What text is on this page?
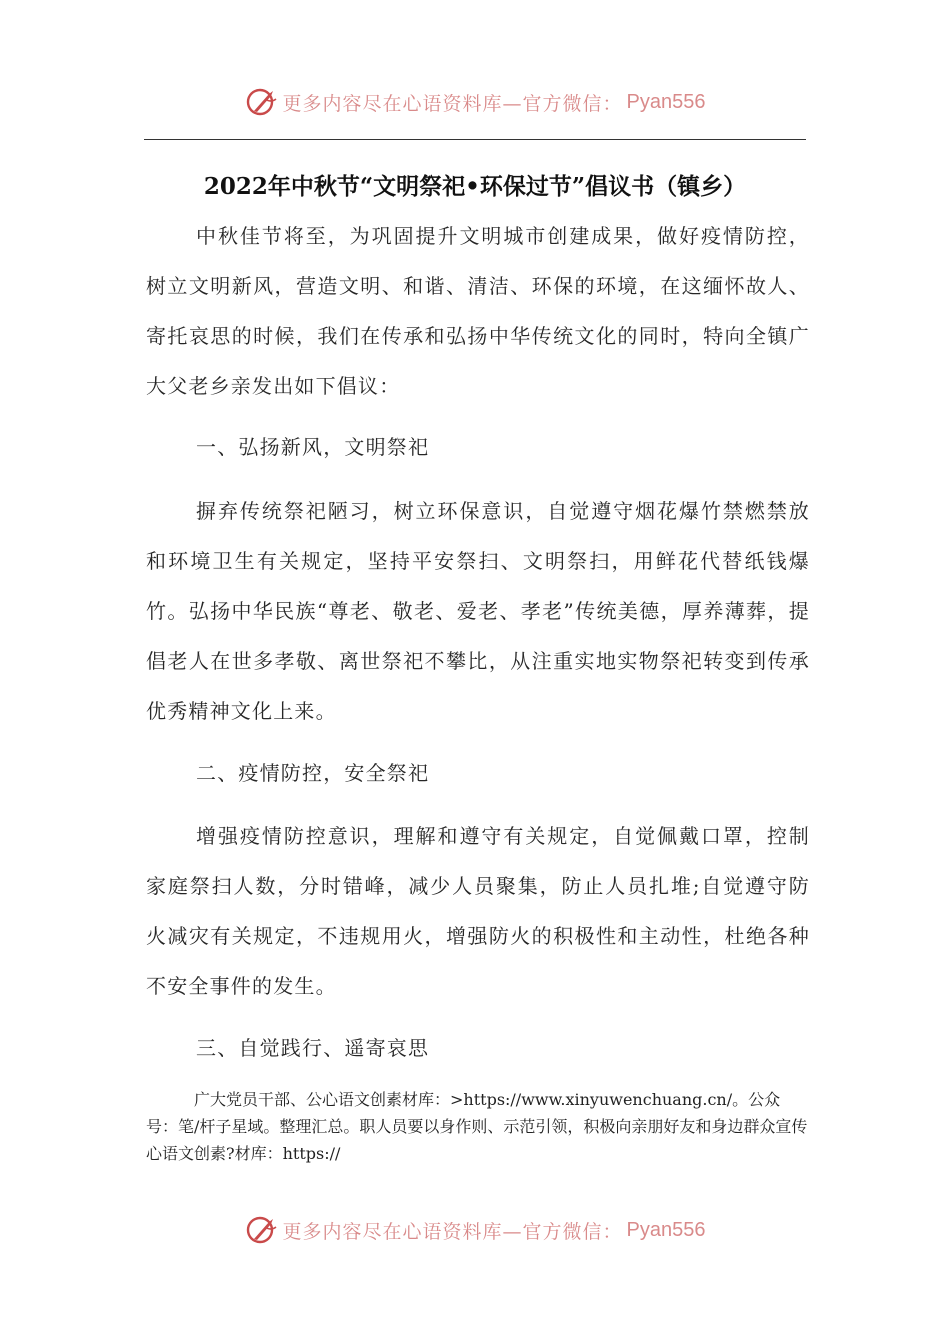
更多内容尽在心语资料库—官方微信： Pyan556
2022年中秋节“文明祭祀•环保过节”倡议书（镇乡）

中秋佳节将至，为巩固提升文明城市创建成果，做好疫情防控，树立文明新风，营造文明、和谐、清洁、环保的环境，在这缅怀故人、寄托哀思的时候，我们在传承和弘扬中华传统文化的同时，特向全镇广大父老乡亲发出如下倡议：

一、弘扬新风，文明祭祀

摒弃传统祭祀陋习，树立环保意识，自觉遵守烟花爆竹禁燃禁放和环境卫生有关规定，坚持平安祭扫、文明祭扫，用鲜花代替纸钱爆竹。弘扬中华民族“尊老、敬老、爱老、孝老”传统美德，厚养薄葬，提倡老人在世多孝敬、离世祭祀不攀比，从注重实地实物祭祀转变到传承优秀精神文化上来。

二、疫情防控，安全祭祀

增强疫情防控意识，理解和遵守有关规定，自觉佩戴口罩，控制家庭祭扫人数，分时错峰，减少人员聚集，防止人员扎堆;自觉遵守防火减灾有关规定，不违规用火，增强防火的积极性和主动性，杜绝各种不安全事件的发生。

三、自觉践行、遥寄哀思

广大党员干部、公心语文创素材库：>https://www.xinyuwenchuang.cn/。公众号：笔/杆子星域。整理汇总。职人员要以身作则、示范引领，积极向亲朋好友和身边群众宣传心语文创素?材库：https://

更多内容尽在心语资料库—官方微信： Pyan556
